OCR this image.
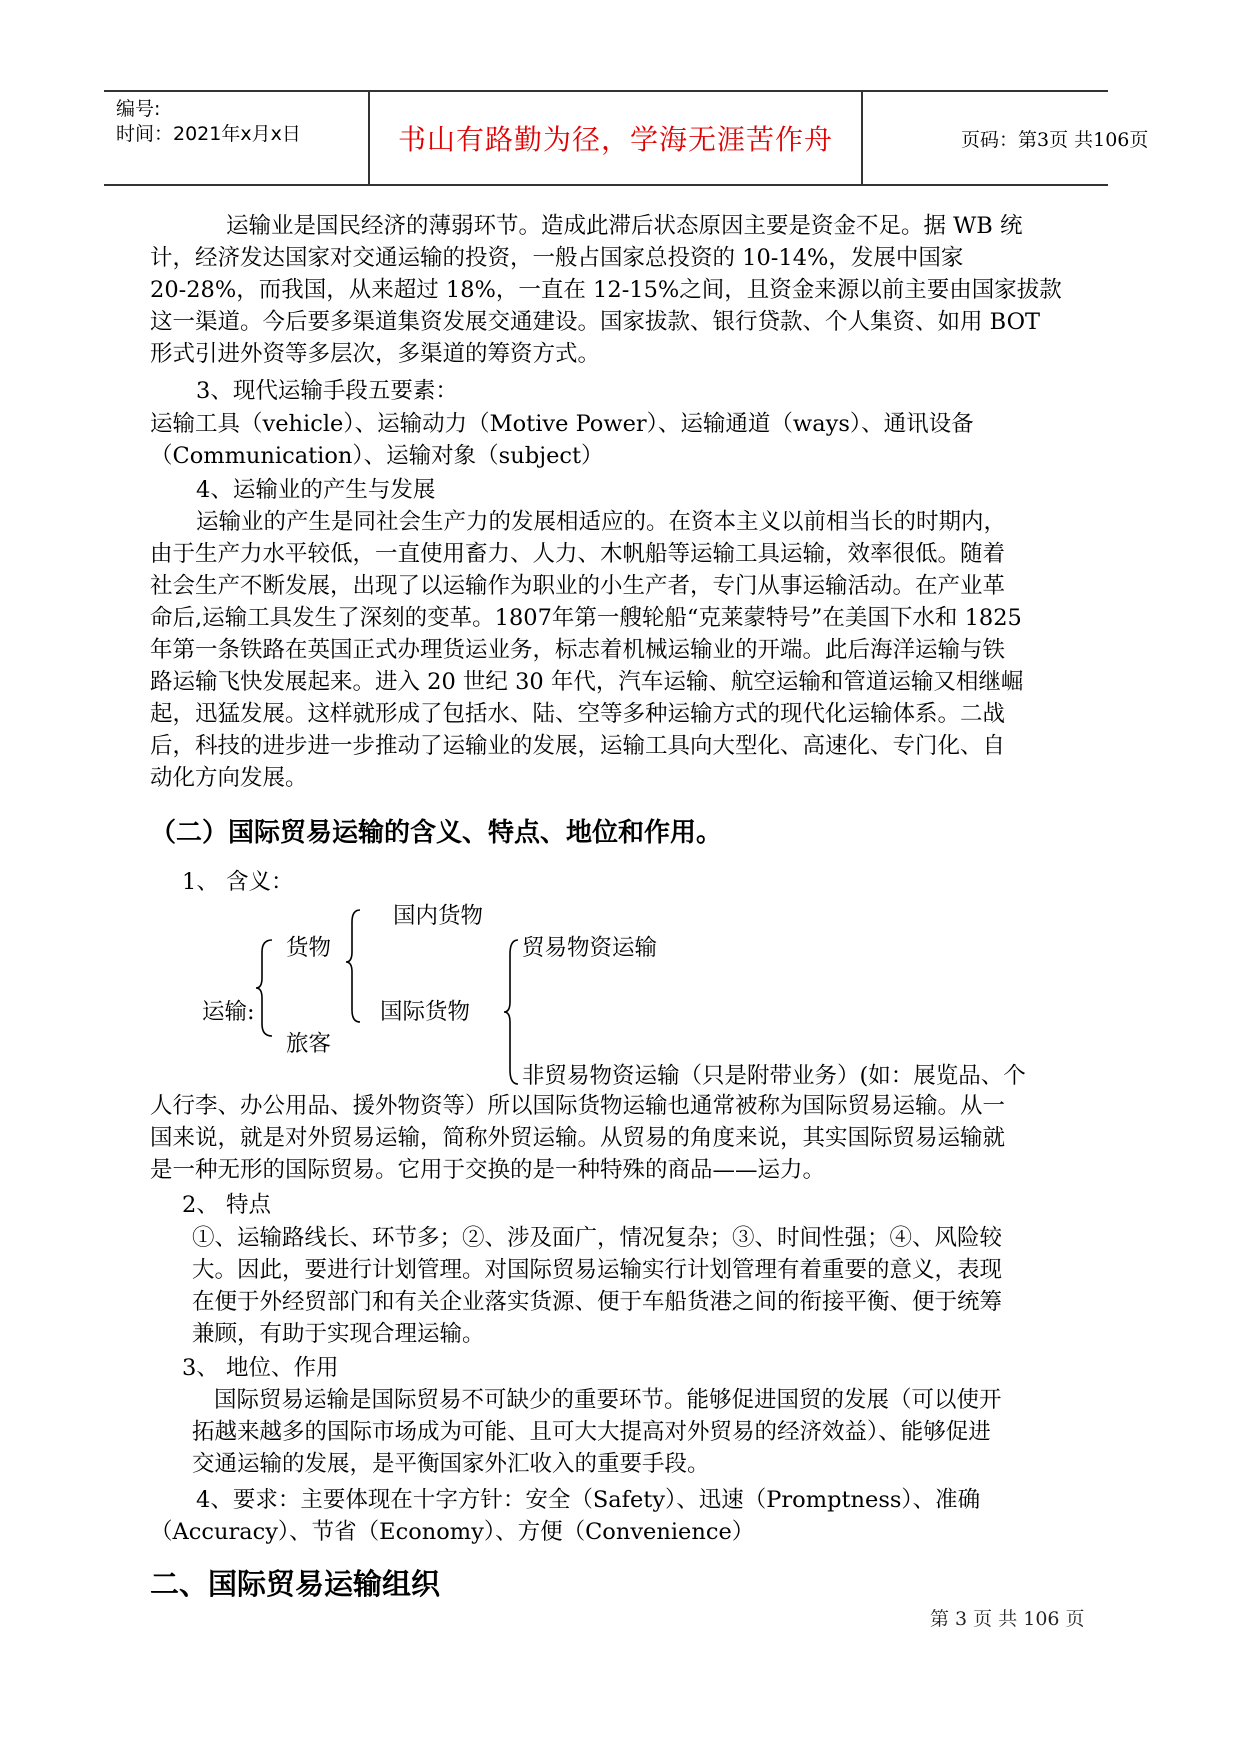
编号:
时间：2021年x月x日	书山有路勤为径，学海无涯苦作舟	页码：第3页 共106页
运输业是国民经济的薄弱环节。造成此滞后状态原因主要是资金不足。据 WB 统
计，经济发达国家对交通运输的投资，一般占国家总投资的 10-14%，发展中国家
20-28%，而我国，从来超过 18%，一直在 12-15%之间，且资金来源以前主要由国家拔款
这一渠道。今后要多渠道集资发展交通建设。国家拔款、银行贷款、个人集资、如用 BOT
形式引进外资等多层次，多渠道的筹资方式。
3、现代运输手段五要素：
运输工具（vehicle）、运输动力（Motive Power）、运输通道（ways）、通讯设备
（Communication）、运输对象（subject）
4、运输业的产生与发展
运输业的产生是同社会生产力的发展相适应的。在资本主义以前相当长的时期内，
由于生产力水平较低，一直使用畜力、人力、木帆船等运输工具运输，效率很低。随着
社会生产不断发展，出现了以运输作为职业的小生产者，专门从事运输活动。在产业革
命后,运输工具发生了深刻的变革。1807年第一艘轮船“克莱蒙特号”在美国下水和 1825
年第一条铁路在英国正式办理货运业务，标志着机械运输业的开端。此后海洋运输与铁
路运输飞快发展起来。进入 20 世纪 30 年代，汽车运输、航空运输和管道运输又相继崛
起，迅猛发展。这样就形成了包括水、陆、空等多种运输方式的现代化运输体系。二战
后，科技的进步进一步推动了运输业的发展，运输工具向大型化、高速化、专门化、自
动化方向发展。
（二）国际贸易运输的含义、特点、地位和作用。
1、 含义：
国内货物
货物	贸易物资运输
运输:	国际货物
旅客
非贸易物资运输（只是附带业务）(如：展览品、个
人行李、办公用品、援外物资等）所以国际货物运输也通常被称为国际贸易运输。从一
国来说，就是对外贸易运输，简称外贸运输。从贸易的角度来说，其实国际贸易运输就
是一种无形的国际贸易。它用于交换的是一种特殊的商品——运力。
2、 特点
①、运输路线长、环节多；②、涉及面广，情况复杂；③、时间性强；④、风险较
大。因此，要进行计划管理。对国际贸易运输实行计划管理有着重要的意义，表现
在便于外经贸部门和有关企业落实货源、便于车船货港之间的衔接平衡、便于统筹
兼顾，有助于实现合理运输。
3、 地位、作用
国际贸易运输是国际贸易不可缺少的重要环节。能够促进国贸的发展（可以使开
拓越来越多的国际市场成为可能、且可大大提高对外贸易的经济效益）、能够促进
交通运输的发展，是平衡国家外汇收入的重要手段。
4、要求：主要体现在十字方针：安全（Safety）、迅速（Promptness）、准确
（Accuracy）、节省（Economy）、方便（Convenience）
二、国际贸易运输组织
第 3 页 共 106 页
